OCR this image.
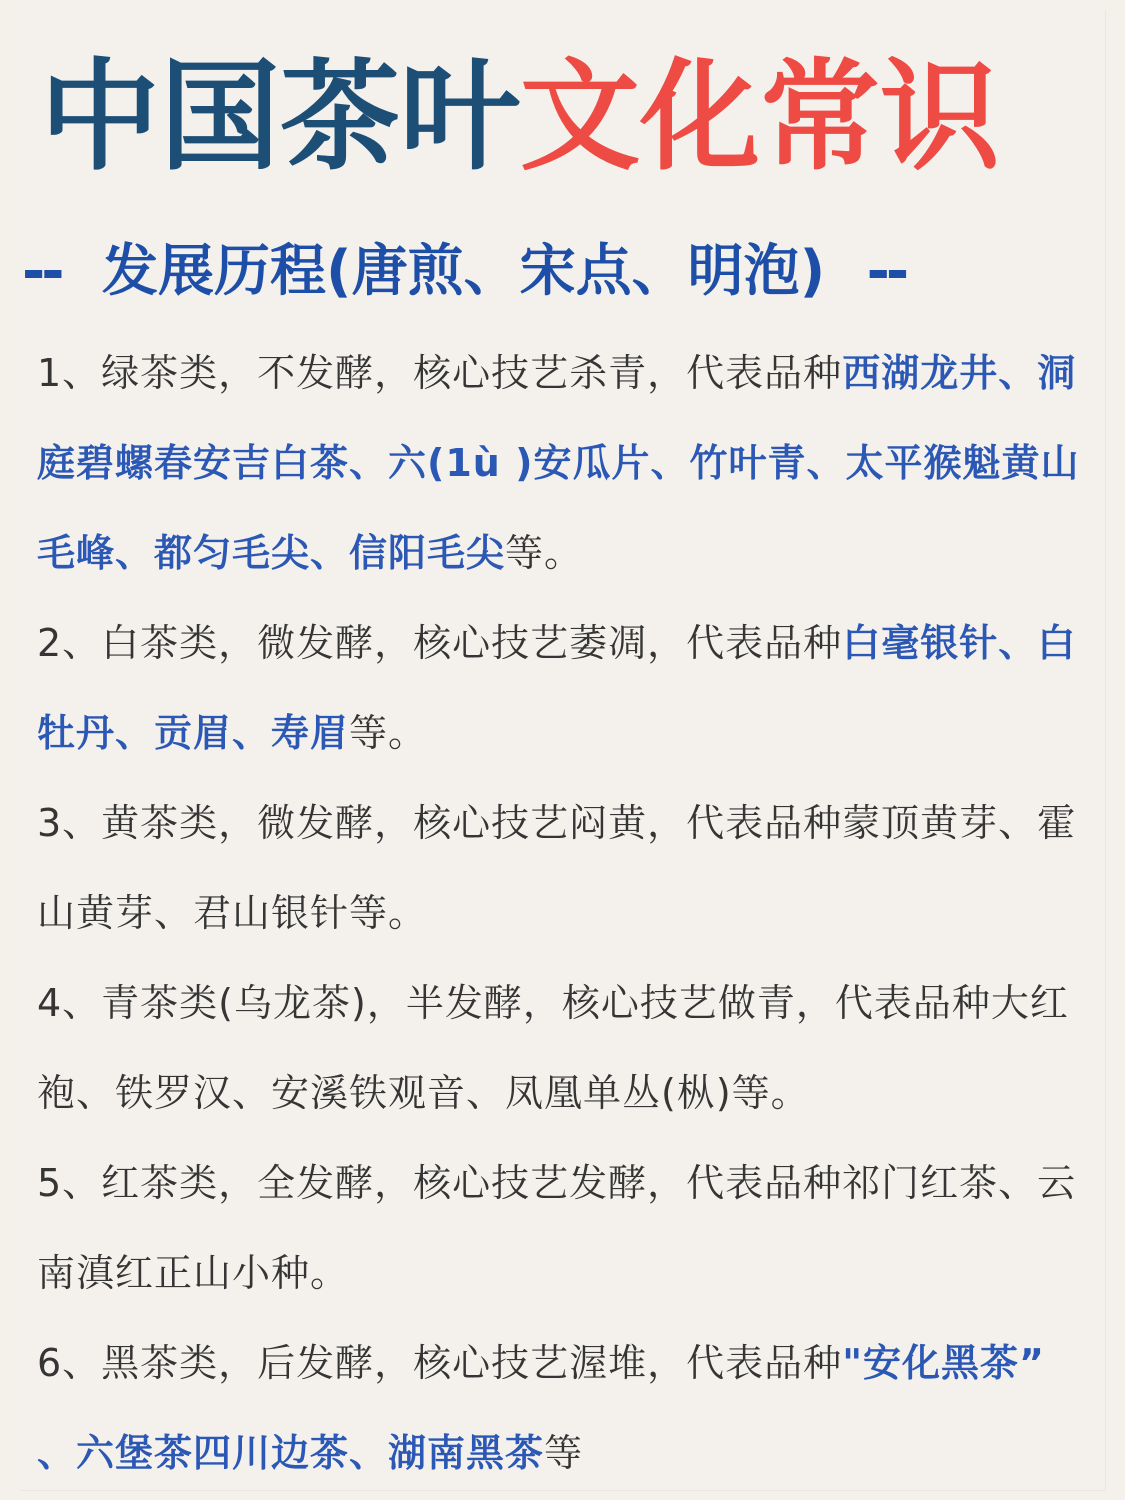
中国茶叶文化常识
-- 发展历程(唐煎、宋点、明泡) --

1、绿茶类，不发酵，核心技艺杀青，代表品种西湖龙井、洞庭碧螺春安吉白茶、六(1ù )安瓜片、竹叶青、太平猴魁黄山毛峰、都匀毛尖、信阳毛尖等。

2、白茶类，微发酵，核心技艺萎凋，代表品种白毫银针、白牡丹、贡眉、寿眉等。

3、黄茶类，微发酵，核心技艺闷黄，代表品种蒙顶黄芽、霍山黄芽、君山银针等。

4、青茶类(乌龙茶)，半发酵，核心技艺做青，代表品种大红袍、铁罗汉、安溪铁观音、凤凰单丛(枞)等。

5、红茶类，全发酵，核心技艺发酵，代表品种祁门红茶、云南滇红正山小种。

6、黑茶类，后发酵，核心技艺渥堆，代表品种"安化黑茶” 、六堡茶四川边茶、湖南黑茶等
